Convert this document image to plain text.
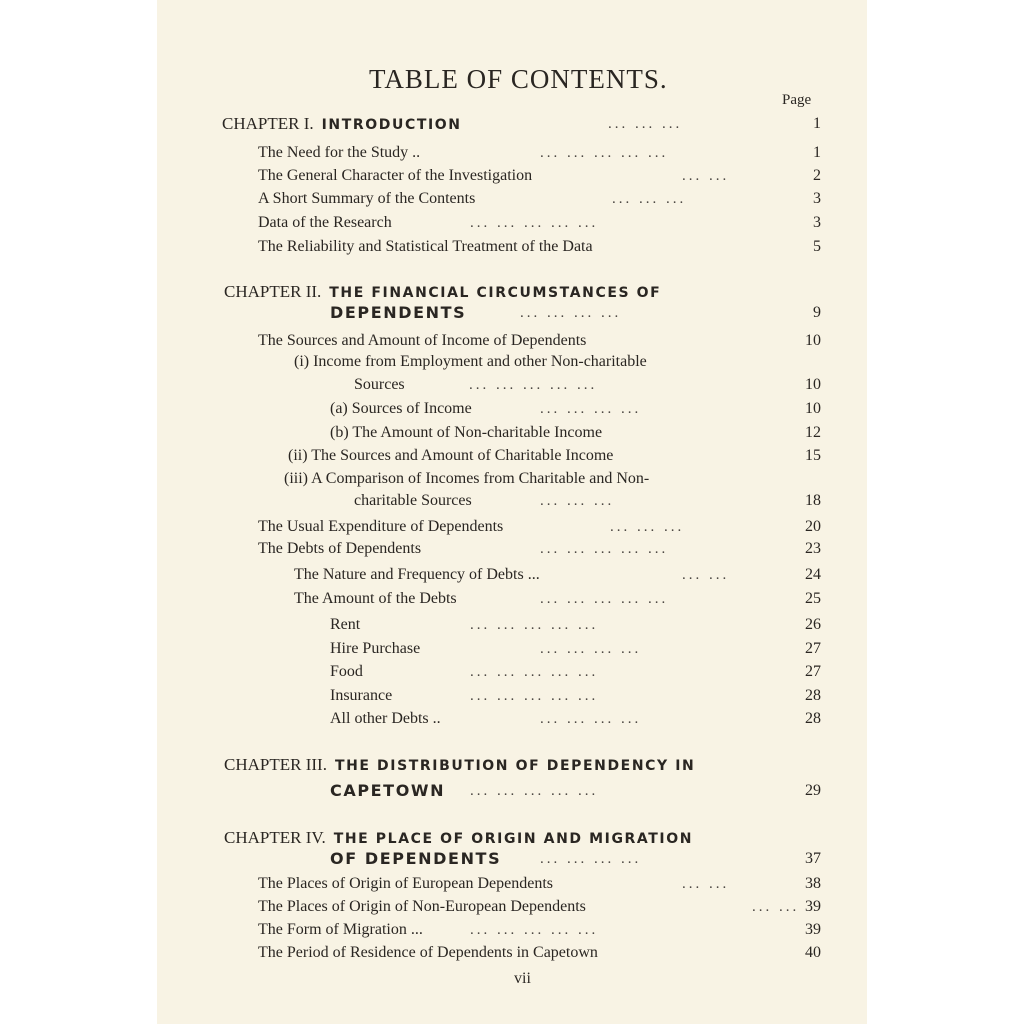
TABLE OF CONTENTS.
Page
CHAPTER I. INTRODUCTION	... ... ...	1
The Need for the Study ..	... ... ... ... ...	1
The General Character of the Investigation	... ...	2
A Short Summary of the Contents	... ... ...	3
Data of the Research	... ... ... ... ...	3
The Reliability and Statistical Treatment of the Data	5
CHAPTER II. THE FINANCIAL CIRCUMSTANCES OF
DEPENDENTS	... ... ... ...	9
The Sources and Amount of Income of Dependents	10
(i) Income from Employment and other Non-charitable
Sources	... ... ... ... ...	10
(a) Sources of Income	... ... ... ...	10
(b) The Amount of Non-charitable Income	12
(ii) The Sources and Amount of Charitable Income	15
(iii) A Comparison of Incomes from Charitable and Non-
charitable Sources	... ... ...	18
The Usual Expenditure of Dependents	... ... ...	20
The Debts of Dependents	... ... ... ... ...	23
The Nature and Frequency of Debts ...	... ...	24
The Amount of the Debts	... ... ... ... ...	25
Rent	... ... ... ... ...	26
Hire Purchase	... ... ... ...	27
Food	... ... ... ... ...	27
Insurance	... ... ... ... ...	28
All other Debts ..	... ... ... ...	28
CHAPTER III. THE DISTRIBUTION OF DEPENDENCY IN
CAPETOWN ... ... ... ... ...	29
CHAPTER IV. THE PLACE OF ORIGIN AND MIGRATION
OF DEPENDENTS	... ... ... ...	37
The Places of Origin of European Dependents	... ...	38
The Places of Origin of Non-European Dependents	... ... 39
The Form of Migration ...	... ... ... ... ...	39
The Period of Residence of Dependents in Capetown	40
vii
